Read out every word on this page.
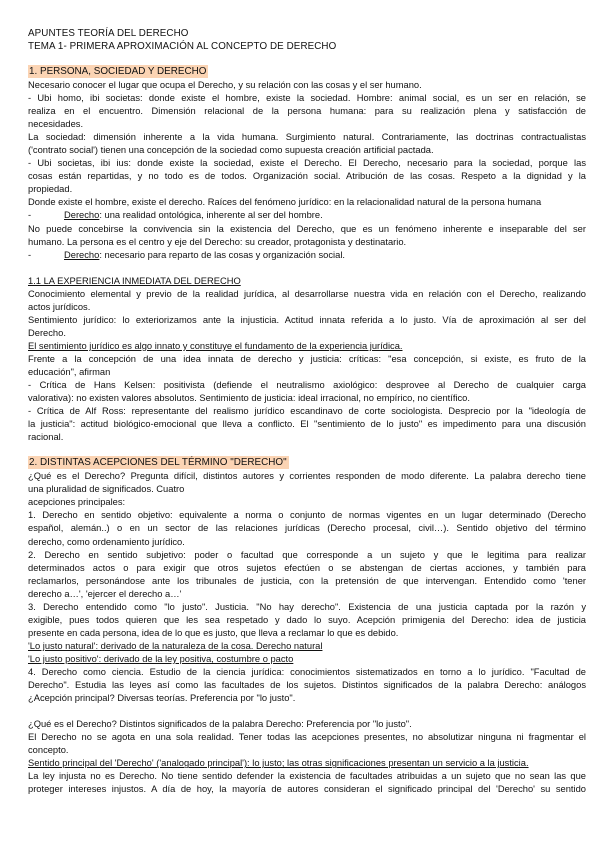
APUNTES TEORÍA DEL DERECHO
TEMA 1- PRIMERA APROXIMACIÓN AL CONCEPTO DE DERECHO
1. PERSONA, SOCIEDAD Y DERECHO
Necesario conocer el lugar que ocupa el Derecho, y su relación con las cosas y el ser humano.
- Ubi homo, ibi societas: donde existe el hombre, existe la sociedad. Hombre: animal social, es un ser en relación, se
realiza en el encuentro. Dimensión relacional de la persona humana: para su realización plena y satisfacción de
necesidades.
La sociedad: dimensión inherente a la vida humana. Surgimiento natural. Contrariamente, las doctrinas contractualistas
('contrato social') tienen una concepción de la sociedad como supuesta creación artificial pactada.
- Ubi societas, ibi ius: donde existe la sociedad, existe el Derecho. El Derecho, necesario para la sociedad, porque las
cosas están repartidas, y no todo es de todos. Organización social. Atribución de las cosas. Respeto a la dignidad y la
propiedad.
Donde existe el hombre, existe el derecho. Raíces del fenómeno jurídico: en la relacionalidad natural de la persona humana
-	Derecho: una realidad ontológica, inherente al ser del hombre.
No puede concebirse la convivencia sin la existencia del Derecho, que es un fenómeno inherente e inseparable del ser
humano. La persona es el centro y eje del Derecho: su creador, protagonista y destinatario.
-	Derecho: necesario para reparto de las cosas y organización social.
1.1 LA EXPERIENCIA INMEDIATA DEL DERECHO
Conocimiento elemental y previo de la realidad jurídica, al desarrollarse nuestra vida en relación con el Derecho, realizando
actos jurídicos.
Sentimiento jurídico: lo exteriorizamos ante la injusticia. Actitud innata referida a lo justo. Vía de aproximación al ser del
Derecho.
El sentimiento jurídico es algo innato y constituye el fundamento de la experiencia jurídica.
Frente a la concepción de una idea innata de derecho y justicia: críticas: "esa concepción, si existe, es fruto de la
educación", afirman
- Crítica de Hans Kelsen: positivista (defiende el neutralismo axiológico: desprovee al Derecho de cualquier carga
valorativa): no existen valores absolutos. Sentimiento de justicia: ideal irracional, no empírico, no científico.
- Crítica de Alf Ross: representante del realismo jurídico escandinavo de corte sociologista. Desprecio por la "ideología de
la justicia": actitud biológico-emocional que lleva a conflicto. El "sentimiento de lo justo" es impedimento para una discusión
racional.
2. DISTINTAS ACEPCIONES DEL TÉRMINO "DERECHO"
¿Qué es el Derecho? Pregunta difícil, distintos autores y corrientes responden de modo diferente. La palabra derecho tiene
una pluralidad de significados. Cuatro
acepciones principales:
1. Derecho en sentido objetivo: equivalente a norma o conjunto de normas vigentes en un lugar determinado (Derecho
español, alemán..) o en un sector de las relaciones jurídicas (Derecho procesal, civil…). Sentido objetivo del término
derecho, como ordenamiento jurídico.
2. Derecho en sentido subjetivo: poder o facultad que corresponde a un sujeto y que le legitima para realizar
determinados actos o para exigir que otros sujetos efectúen o se abstengan de ciertas acciones, y también para
reclamarlos, personándose ante los tribunales de justicia, con la pretensión de que intervengan. Entendido como 'tener
derecho a…', 'ejercer el derecho a…'
3. Derecho entendido como "lo justo". Justicia. "No hay derecho". Existencia de una justicia captada por la razón y
exigible, pues todos quieren que les sea respetado y dado lo suyo. Acepción primigenia del Derecho: idea de justicia
presente en cada persona, idea de lo que es justo, que lleva a reclamar lo que es debido.
'Lo justo natural': derivado de la naturaleza de la cosa. Derecho natural
'Lo justo positivo': derivado de la ley positiva, costumbre o pacto
4. Derecho como ciencia. Estudio de la ciencia jurídica: conocimientos sistematizados en torno a lo jurídico. "Facultad de
Derecho". Estudia las leyes así como las facultades de los sujetos. Distintos significados de la palabra Derecho: análogos
¿Acepción principal? Diversas teorías. Preferencia por "lo justo".
¿Qué es el Derecho? Distintos significados de la palabra Derecho: Preferencia por "lo justo".
El Derecho no se agota en una sola realidad. Tener todas las acepciones presentes, no absolutizar ninguna ni fragmentar el
concepto.
Sentido principal del 'Derecho' ('analogado principal'): lo justo; las otras significaciones presentan un servicio a la justicia.
La ley injusta no es Derecho. No tiene sentido defender la existencia de facultades atribuidas a un sujeto que no sean las que
proteger intereses injustos. A día de hoy, la mayoría de autores consideran el significado principal del 'Derecho' su sentido
